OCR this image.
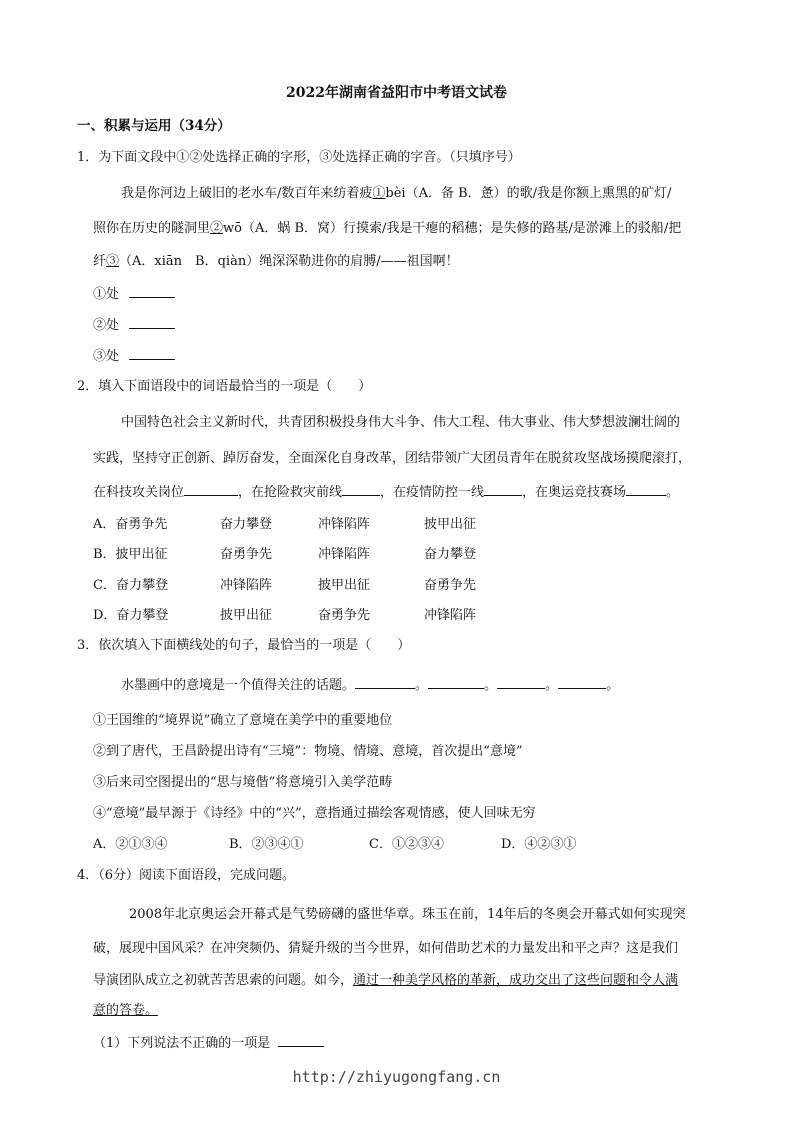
2022年湖南省益阳市中考语文试卷
一、积累与运用（34分）
1．为下面文段中①②处选择正确的字形，③处选择正确的字音。（只填序号）
我是你河边上破旧的老水车/数百年来纺着疲①bèi（A．备 B．惫）的歌/我是你额上熏黑的矿灯/
照你在历史的隧洞里②wō（A．蜗 B．窝）行摸索/我是干瘪的稻穗；是失修的路基/是淤滩上的驳船/把
纤③（A．xiān　B．qiàn）绳深深勒进你的肩膊/——祖国啊！
①处
②处
③处
2．填入下面语段中的词语最恰当的一项是（　　）
中国特色社会主义新时代，共青团积极投身伟大斗争、伟大工程、伟大事业、伟大梦想波澜壮阔的
实践，坚持守正创新、踔厉奋发，全面深化自身改革，团结带领广大团员青年在脱贫攻坚战场摸爬滚打，
在科技攻关岗位	，在抢险救灾前线	，在疫情防控一线	，在奥运竞技赛场	。
A．奋勇争先	奋力攀登	冲锋陷阵	披甲出征
B．披甲出征	奋勇争先	冲锋陷阵	奋力攀登
C．奋力攀登	冲锋陷阵	披甲出征	奋勇争先
D．奋力攀登	披甲出征	奋勇争先	冲锋陷阵
3．依次填入下面横线处的句子，最恰当的一项是（　　）
水墨画中的意境是一个值得关注的话题。	。	。	。	。
①王国维的“境界说”确立了意境在美学中的重要地位
②到了唐代，王昌龄提出诗有“三境”：物境、情境、意境，首次提出“意境”
③后来司空图提出的“思与境偕”将意境引入美学范畴
④“意境”最早源于《诗经》中的“兴”，意指通过描绘客观情感，使人回味无穷
A．②①③④	B．②③④①	C．①②③④	D．④②③①
4．（6分）阅读下面语段，完成问题。
2008年北京奥运会开幕式是气势磅礴的盛世华章。珠玉在前，14年后的冬奥会开幕式如何实现突
破，展现中国风采？在冲突频仍、猜疑升级的当今世界，如何借助艺术的力量发出和平之声？这是我们
导演团队成立之初就苦苦思索的问题。如今，通过一种美学风格的革新，成功交出了这些问题和令人满
意的答卷。
（1）下列说法不正确的一项是
http://zhiyugongfang.cn
